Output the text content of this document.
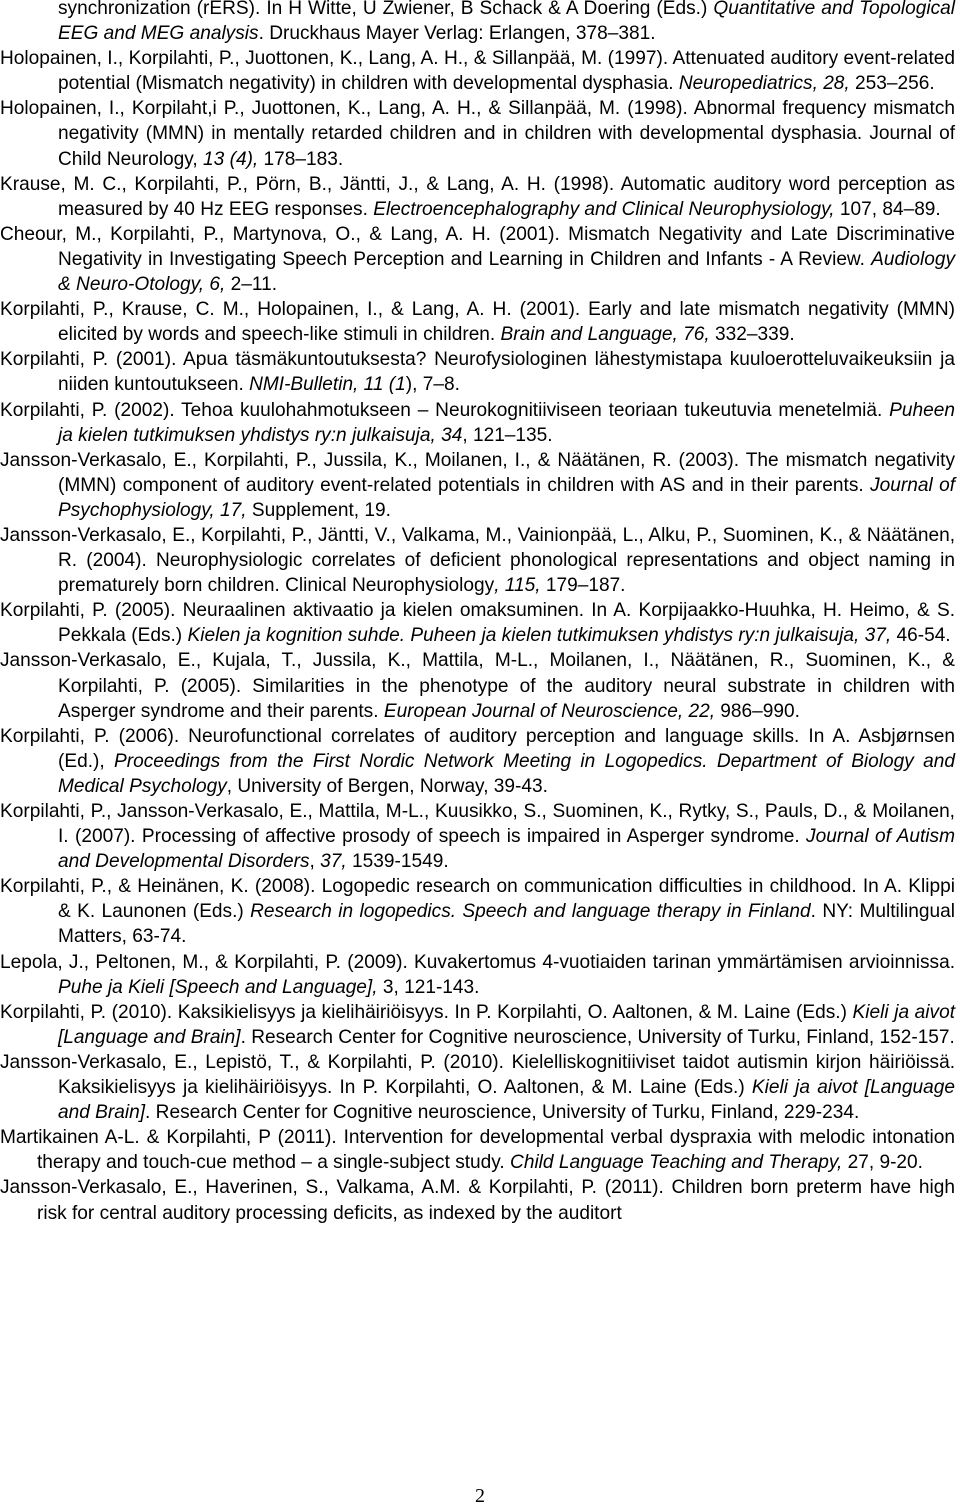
synchronization (rERS). In H Witte, U Zwiener, B Schack & A Doering (Eds.) Quantitative and Topological EEG and MEG analysis. Druckhaus Mayer Verlag: Erlangen, 378–381.

Holopainen, I., Korpilahti, P., Juottonen, K., Lang, A. H., & Sillanpää, M. (1997). Attenuated auditory event-related potential (Mismatch negativity) in children with developmental dysphasia. Neuropediatrics, 28, 253–256.

Holopainen, I., Korpilaht,i P., Juottonen, K., Lang, A. H., & Sillanpää, M. (1998). Abnormal frequency mismatch negativity (MMN) in mentally retarded children and in children with developmental dysphasia. Journal of Child Neurology, 13 (4), 178–183.

Krause, M. C., Korpilahti, P., Pörn, B., Jäntti, J., & Lang, A. H. (1998). Automatic auditory word perception as measured by 40 Hz EEG responses. Electroencephalography and Clinical Neurophysiology, 107, 84–89.

Cheour, M., Korpilahti, P., Martynova, O., & Lang, A. H. (2001). Mismatch Negativity and Late Discriminative Negativity in Investigating Speech Perception and Learning in Children and Infants - A Review. Audiology & Neuro-Otology, 6, 2–11.

Korpilahti, P., Krause, C. M., Holopainen, I., & Lang, A. H. (2001). Early and late mismatch negativity (MMN) elicited by words and speech-like stimuli in children. Brain and Language, 76, 332–339.

Korpilahti, P. (2001). Apua täsmäkuntoutuksesta? Neurofysiologinen lähestymistapa kuuloerotteluvaikeuksiin ja niiden kuntoutukseen. NMI-Bulletin, 11 (1), 7–8.

Korpilahti, P. (2002). Tehoa kuulohahmotukseen – Neurokognitiiviseen teoriaan tukeutuvia menetelmiä. Puheen ja kielen tutkimuksen yhdistys ry:n julkaisuja, 34, 121–135.

Jansson-Verkasalo, E., Korpilahti, P., Jussila, K., Moilanen, I., & Näätänen, R. (2003). The mismatch negativity (MMN) component of auditory event-related potentials in children with AS and in their parents. Journal of Psychophysiology, 17, Supplement, 19.

Jansson-Verkasalo, E., Korpilahti, P., Jäntti, V., Valkama, M., Vainionpää, L., Alku, P., Suominen, K., & Näätänen, R. (2004). Neurophysiologic correlates of deficient phonological representations and object naming in prematurely born children. Clinical Neurophysiology, 115, 179–187.

Korpilahti, P. (2005). Neuraalinen aktivaatio ja kielen omaksuminen. In A. Korpijaakko-Huuhka, H. Heimo, & S. Pekkala (Eds.) Kielen ja kognition suhde. Puheen ja kielen tutkimuksen yhdistys ry:n julkaisuja, 37, 46-54.

Jansson-Verkasalo, E., Kujala, T., Jussila, K., Mattila, M-L., Moilanen, I., Näätänen, R., Suominen, K., & Korpilahti, P. (2005). Similarities in the phenotype of the auditory neural substrate in children with Asperger syndrome and their parents. European Journal of Neuroscience, 22, 986–990.

Korpilahti, P. (2006). Neurofunctional correlates of auditory perception and language skills. In A. Asbjørnsen (Ed.), Proceedings from the First Nordic Network Meeting in Logopedics. Department of Biology and Medical Psychology, University of Bergen, Norway, 39-43.

Korpilahti, P., Jansson-Verkasalo, E., Mattila, M-L., Kuusikko, S., Suominen, K., Rytky, S., Pauls, D., & Moilanen, I. (2007). Processing of affective prosody of speech is impaired in Asperger syndrome. Journal of Autism and Developmental Disorders, 37, 1539-1549.

Korpilahti, P., & Heinänen, K. (2008). Logopedic research on communication difficulties in childhood. In A. Klippi & K. Launonen (Eds.) Research in logopedics. Speech and language therapy in Finland. NY: Multilingual Matters, 63-74.

Lepola, J., Peltonen, M., & Korpilahti, P. (2009). Kuvakertomus 4-vuotiaiden tarinan ymmärtämisen arvioinnissa. Puhe ja Kieli [Speech and Language], 3, 121-143.

Korpilahti, P. (2010). Kaksikielisyys ja kielihäiriöisyys. In P. Korpilahti, O. Aaltonen, & M. Laine (Eds.) Kieli ja aivot [Language and Brain]. Research Center for Cognitive neuroscience, University of Turku, Finland, 152-157.

Jansson-Verkasalo, E., Lepistö, T., & Korpilahti, P. (2010). Kielelliskognitiiviset taidot autismin kirjon häiriöissä. Kaksikielisyys ja kielihäiriöisyys. In P. Korpilahti, O. Aaltonen, & M. Laine (Eds.) Kieli ja aivot [Language and Brain]. Research Center for Cognitive neuroscience, University of Turku, Finland, 229-234.

Martikainen A-L. & Korpilahti, P (2011). Intervention for developmental verbal dyspraxia with melodic intonation therapy and touch-cue method – a single-subject study. Child Language Teaching and Therapy, 27, 9-20.

Jansson-Verkasalo, E., Haverinen, S., Valkama, A.M. & Korpilahti, P. (2011). Children born preterm have high risk for central auditory processing deficits, as indexed by the auditort

2
